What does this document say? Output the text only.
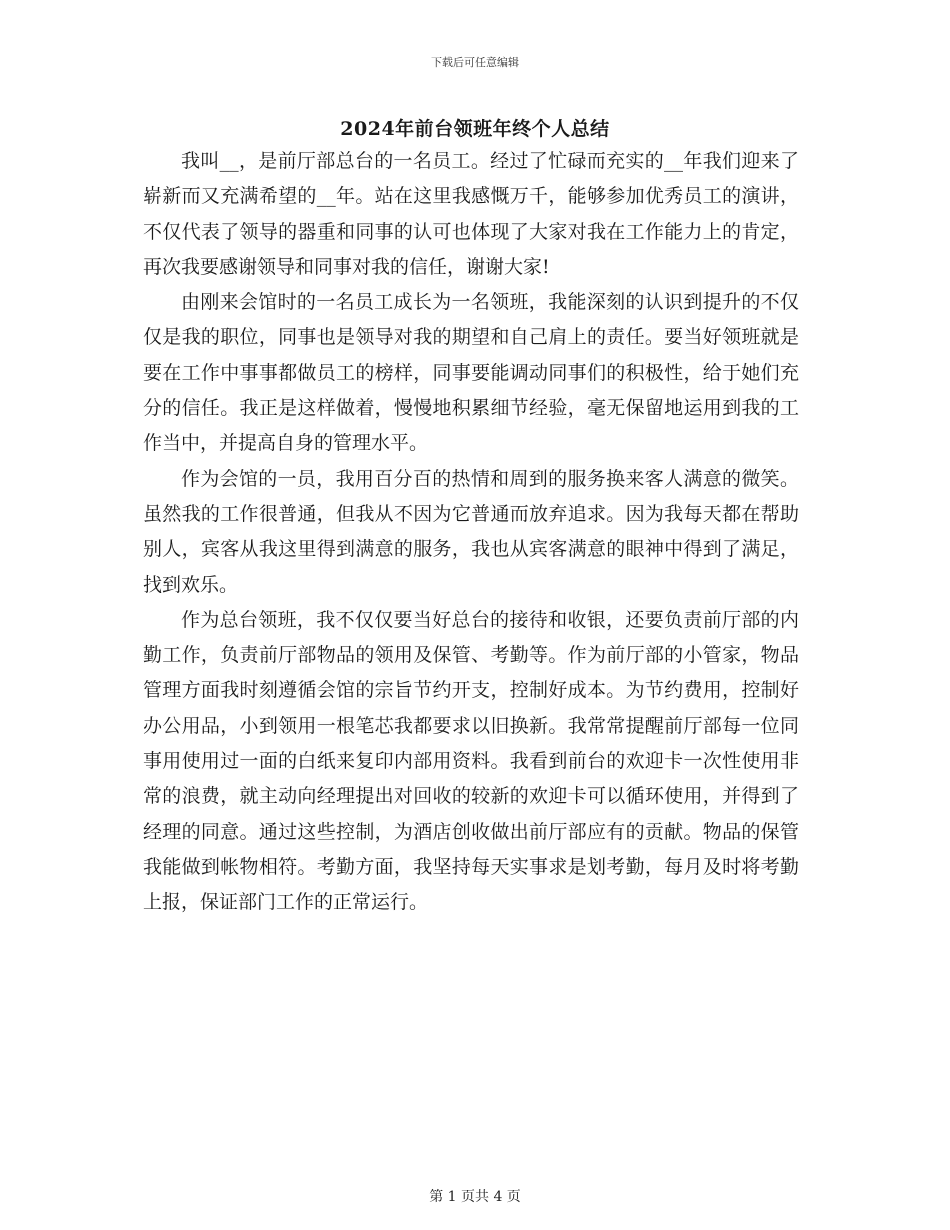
下载后可任意编辑
2024年前台领班年终个人总结

我叫__，是前厅部总台的一名员工。经过了忙碌而充实的__年我们迎来了崭新而又充满希望的__年。站在这里我感慨万千，能够参加优秀员工的演讲，不仅代表了领导的器重和同事的认可也体现了大家对我在工作能力上的肯定，再次我要感谢领导和同事对我的信任，谢谢大家!

由刚来会馆时的一名员工成长为一名领班，我能深刻的认识到提升的不仅仅是我的职位，同事也是领导对我的期望和自己肩上的责任。要当好领班就是要在工作中事事都做员工的榜样，同事要能调动同事们的积极性，给于她们充分的信任。我正是这样做着，慢慢地积累细节经验，毫无保留地运用到我的工作当中，并提高自身的管理水平。

作为会馆的一员，我用百分百的热情和周到的服务换来客人满意的微笑。虽然我的工作很普通，但我从不因为它普通而放弃追求。因为我每天都在帮助别人，宾客从我这里得到满意的服务，我也从宾客满意的眼神中得到了满足，找到欢乐。

作为总台领班，我不仅仅要当好总台的接待和收银，还要负责前厅部的内勤工作，负责前厅部物品的领用及保管、考勤等。作为前厅部的小管家，物品管理方面我时刻遵循会馆的宗旨节约开支，控制好成本。为节约费用，控制好办公用品，小到领用一根笔芯我都要求以旧换新。我常常提醒前厅部每一位同事用使用过一面的白纸来复印内部用资料。我看到前台的欢迎卡一次性使用非常的浪费，就主动向经理提出对回收的较新的欢迎卡可以循环使用，并得到了经理的同意。通过这些控制，为酒店创收做出前厅部应有的贡献。物品的保管我能做到帐物相符。考勤方面，我坚持每天实事求是划考勤，每月及时将考勤上报，保证部门工作的正常运行。

第 1 页共 4 页
